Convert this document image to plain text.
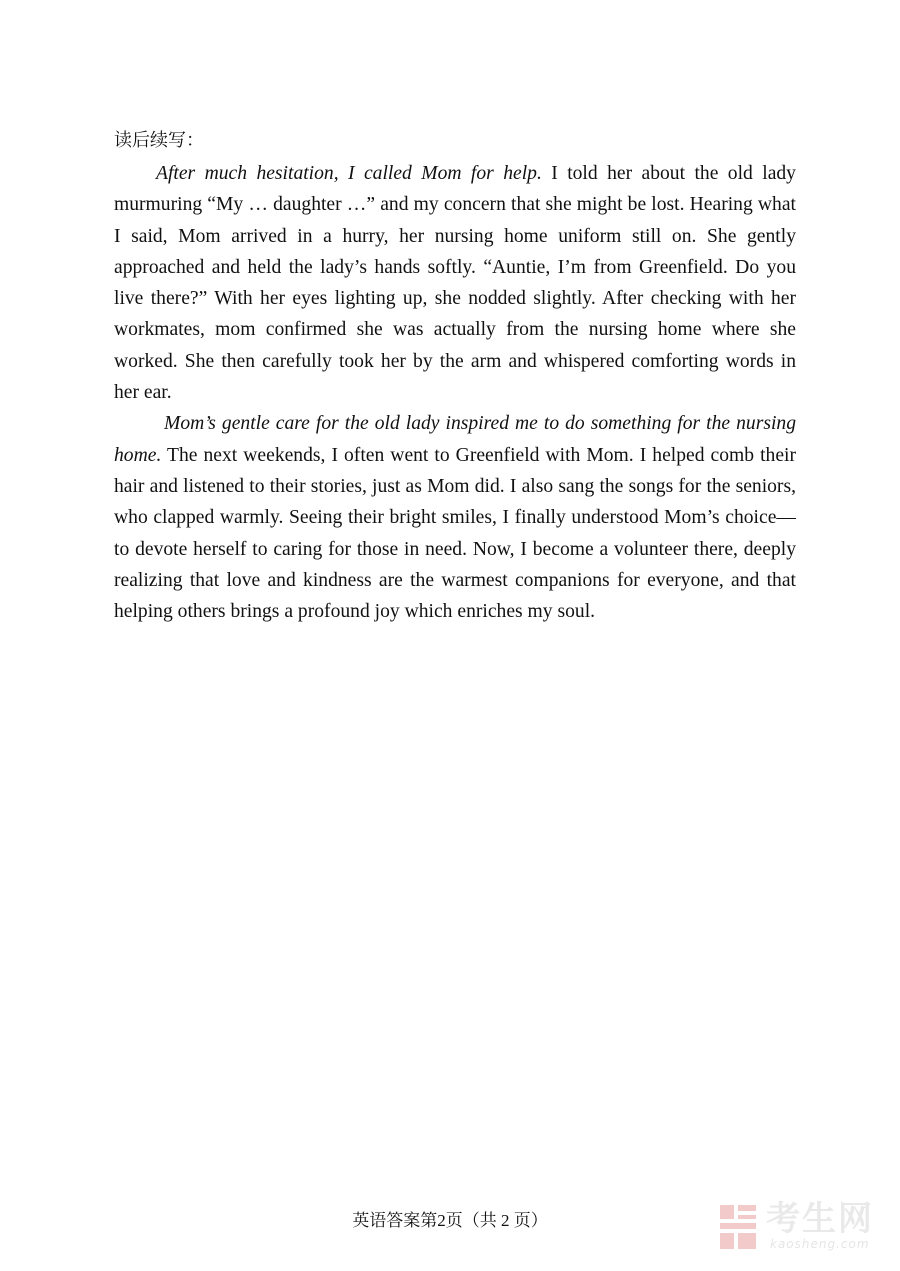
读后续写：

After much hesitation, I called Mom for help. I told her about the old lady murmuring “My … daughter …” and my concern that she might be lost. Hearing what I said, Mom arrived in a hurry, her nursing home uniform still on. She gently approached and held the lady’s hands softly. “Auntie, I’m from Greenfield. Do you live there?” With her eyes lighting up, she nodded slightly. After checking with her workmates, mom confirmed she was actually from the nursing home where she worked. She then carefully took her by the arm and whispered comforting words in her ear.

Mom’s gentle care for the old lady inspired me to do something for the nursing home. The next weekends, I often went to Greenfield with Mom. I helped comb their hair and listened to their stories, just as Mom did. I also sang the songs for the seniors, who clapped warmly. Seeing their bright smiles, I finally understood Mom’s choice—to devote herself to caring for those in need. Now, I become a volunteer there, deeply realizing that love and kindness are the warmest companions for everyone, and that helping others brings a profound joy which enriches my soul.

英语答案第2页（共 2 页）	考生网
kaosheng.com
